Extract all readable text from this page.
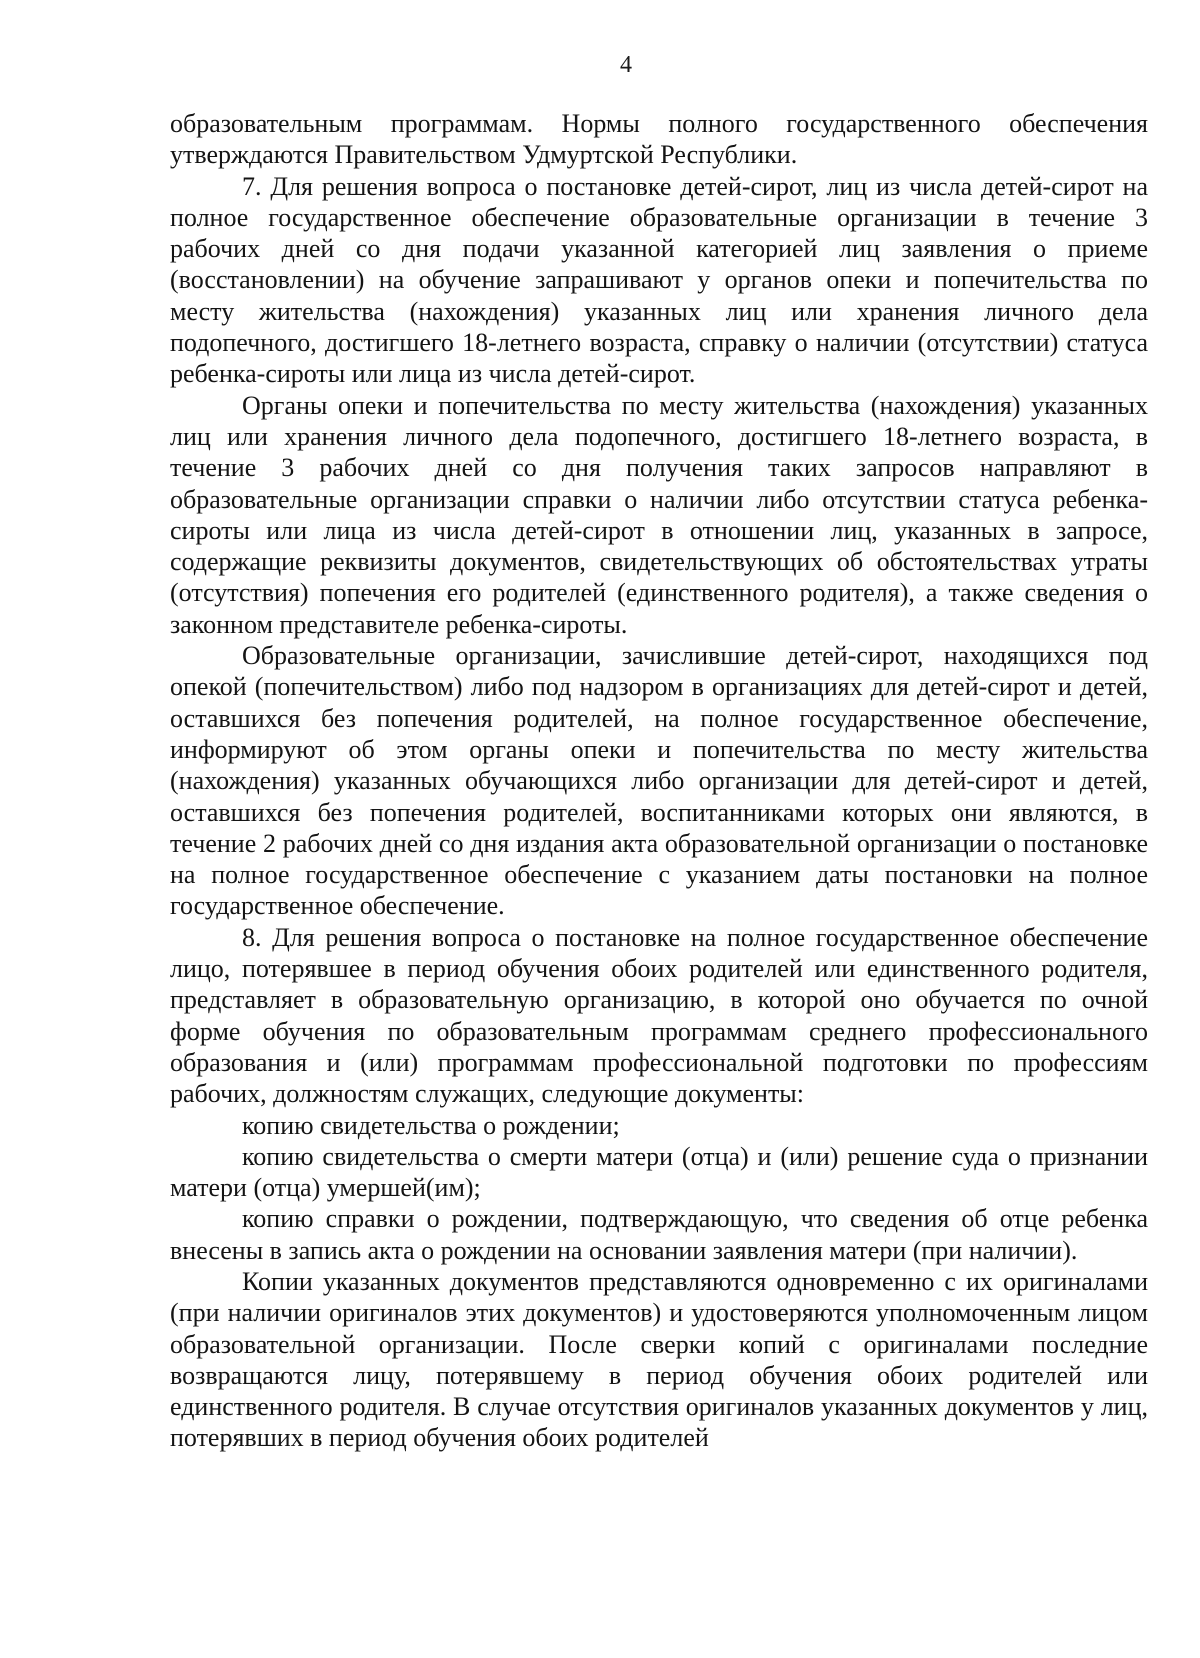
4

образовательным программам. Нормы полного государственного обеспечения утверждаются Правительством Удмуртской Республики.

7. Для решения вопроса о постановке детей-сирот, лиц из числа детей-сирот на полное государственное обеспечение образовательные организации в течение 3 рабочих дней со дня подачи указанной категорией лиц заявления о приеме (восстановлении) на обучение запрашивают у органов опеки и попечительства по месту жительства (нахождения) указанных лиц или хранения личного дела подопечного, достигшего 18-летнего возраста, справку о наличии (отсутствии) статуса ребенка-сироты или лица из числа детей-сирот.

Органы опеки и попечительства по месту жительства (нахождения) указанных лиц или хранения личного дела подопечного, достигшего 18-летнего возраста, в течение 3 рабочих дней со дня получения таких запросов направляют в образовательные организации справки о наличии либо отсутствии статуса ребенка-сироты или лица из числа детей-сирот в отношении лиц, указанных в запросе, содержащие реквизиты документов, свидетельствующих об обстоятельствах утраты (отсутствия) попечения его родителей (единственного родителя), а также сведения о законном представителе ребенка-сироты.

Образовательные организации, зачислившие детей-сирот, находящихся под опекой (попечительством) либо под надзором в организациях для детей-сирот и детей, оставшихся без попечения родителей, на полное государственное обеспечение, информируют об этом органы опеки и попечительства по месту жительства (нахождения) указанных обучающихся либо организации для детей-сирот и детей, оставшихся без попечения родителей, воспитанниками которых они являются, в течение 2 рабочих дней со дня издания акта образовательной организации о постановке на полное государственное обеспечение с указанием даты постановки на полное государственное обеспечение.

8. Для решения вопроса о постановке на полное государственное обеспечение лицо, потерявшее в период обучения обоих родителей или единственного родителя, представляет в образовательную организацию, в которой оно обучается по очной форме обучения по образовательным программам среднего профессионального образования и (или) программам профессиональной подготовки по профессиям рабочих, должностям служащих, следующие документы:

копию свидетельства о рождении;

копию свидетельства о смерти матери (отца) и (или) решение суда о признании матери (отца) умершей(им);

копию справки о рождении, подтверждающую, что сведения об отце ребенка внесены в запись акта о рождении на основании заявления матери (при наличии).

Копии указанных документов представляются одновременно с их оригиналами (при наличии оригиналов этих документов) и удостоверяются уполномоченным лицом образовательной организации. После сверки копий с оригиналами последние возвращаются лицу, потерявшему в период обучения обоих родителей или единственного родителя. В случае отсутствия оригиналов указанных документов у лиц, потерявших в период обучения обоих родителей
